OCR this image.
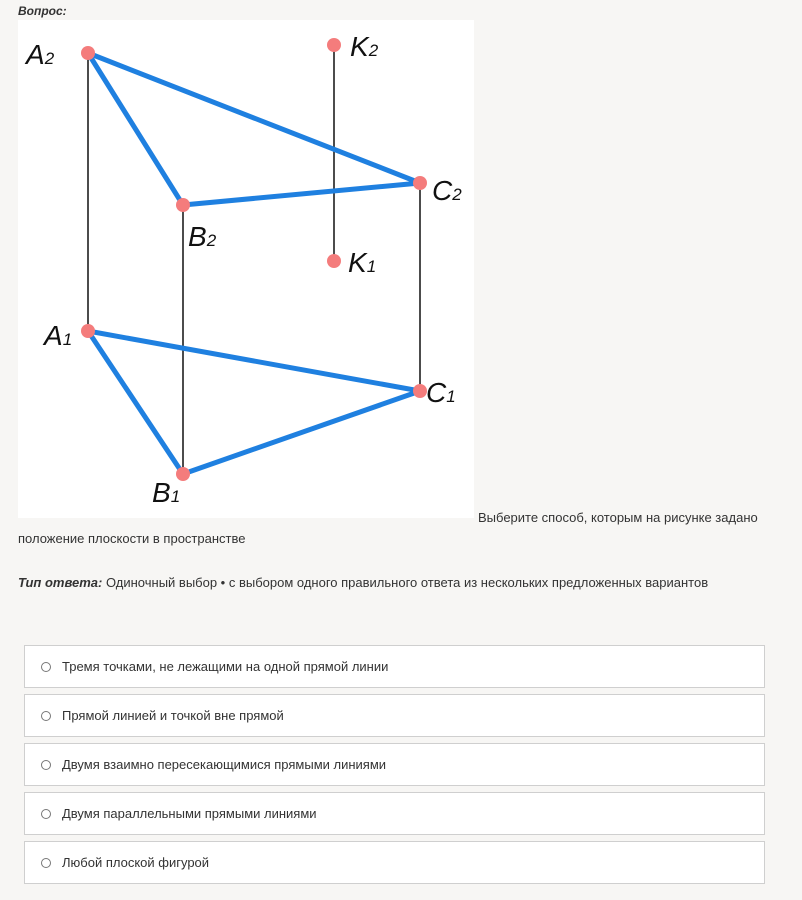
Вопрос:
A2
B2
C2
K2
K1
A1
B1
C1
Выберите способ, которым на рисунке задано положение плоскости в пространстве
Тип ответа: Одиночный выбор • с выбором одного правильного ответа из нескольких предложенных вариантов
Тремя точками, не лежащими на одной прямой линии
Прямой линией и точкой вне прямой
Двумя взаимно пересекающимися прямыми линиями
Двумя параллельными прямыми линиями
Любой плоской фигурой
